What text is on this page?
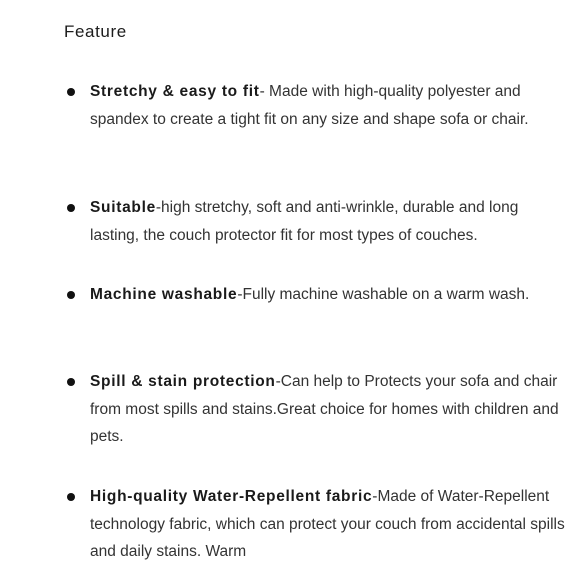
Feature
Stretchy & easy to fit- Made with high-quality polyester and spandex to create a tight fit on any size and shape sofa or chair.
Suitable-high stretchy, soft and anti-wrinkle, durable and long lasting, the couch protector fit for most types of couches.
Machine washable-Fully machine washable on a warm wash.
Spill & stain protection-Can help to Protects your sofa and chair from most spills and stains.Great choice for homes with children and pets.
High-quality Water-Repellent fabric-Made of Water-Repellent technology fabric, which can protect your couch from accidental spills and daily stains. Warm
